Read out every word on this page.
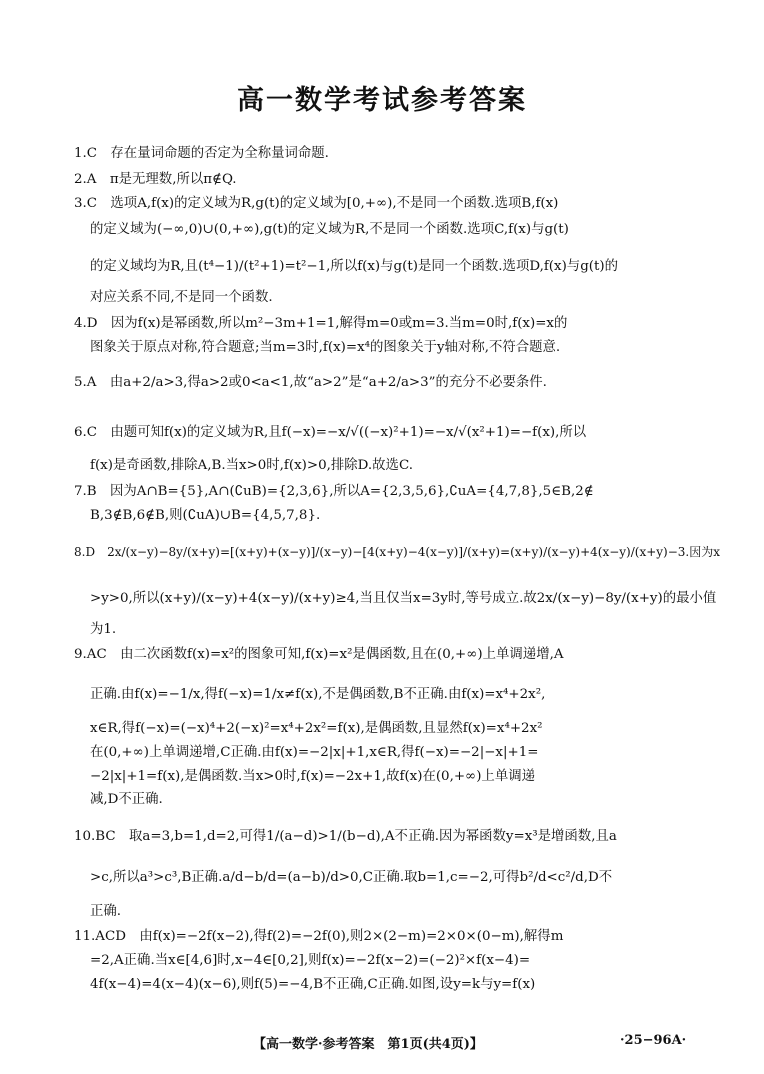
高一数学考试参考答案
1.C　存在量词命题的否定为全称量词命题.
2.A　π是无理数,所以π∉Q.
3.C　选项A,f(x)的定义域为R,g(t)的定义域为[0,+∞),不是同一个函数.选项B,f(x)
的定义域为(−∞,0)∪(0,+∞),g(t)的定义域为R,不是同一个函数.选项C,f(x)与g(t)
的定义域均为R,且(t⁴−1)/(t²+1)=t²−1,所以f(x)与g(t)是同一个函数.选项D,f(x)与g(t)的
对应关系不同,不是同一个函数.
4.D　因为f(x)是幂函数,所以m²−3m+1=1,解得m=0或m=3.当m=0时,f(x)=x的
图象关于原点对称,符合题意;当m=3时,f(x)=x⁴的图象关于y轴对称,不符合题意.
5.A　由a+2/a>3,得a>2或0<a<1,故“a>2”是“a+2/a>3”的充分不必要条件.
6.C　由题可知f(x)的定义域为R,且f(−x)=−x/√((−x)²+1)=−x/√(x²+1)=−f(x),所以
f(x)是奇函数,排除A,B.当x>0时,f(x)>0,排除D.故选C.
7.B　因为A∩B={5},A∩(∁uB)={2,3,6},所以A={2,3,5,6},∁uA={4,7,8},5∈B,2∉
B,3∉B,6∉B,则(∁uA)∪B={4,5,7,8}.
8.D　2x/(x−y)−8y/(x+y)=[(x+y)+(x−y)]/(x−y)−[4(x+y)−4(x−y)]/(x+y)=(x+y)/(x−y)+4(x−y)/(x+y)−3.因为x
>y>0,所以(x+y)/(x−y)+4(x−y)/(x+y)≥4,当且仅当x=3y时,等号成立.故2x/(x−y)−8y/(x+y)的最小值
为1.
9.AC　由二次函数f(x)=x²的图象可知,f(x)=x²是偶函数,且在(0,+∞)上单调递增,A
正确.由f(x)=−1/x,得f(−x)=1/x≠f(x),不是偶函数,B不正确.由f(x)=x⁴+2x²,
x∈R,得f(−x)=(−x)⁴+2(−x)²=x⁴+2x²=f(x),是偶函数,且显然f(x)=x⁴+2x²
在(0,+∞)上单调递增,C正确.由f(x)=−2|x|+1,x∈R,得f(−x)=−2|−x|+1=
−2|x|+1=f(x),是偶函数.当x>0时,f(x)=−2x+1,故f(x)在(0,+∞)上单调递
减,D不正确.
10.BC　取a=3,b=1,d=2,可得1/(a−d)>1/(b−d),A不正确.因为幂函数y=x³是增函数,且a
>c,所以a³>c³,B正确.a/d−b/d=(a−b)/d>0,C正确.取b=1,c=−2,可得b²/d<c²/d,D不
正确.
11.ACD　由f(x)=−2f(x−2),得f(2)=−2f(0),则2×(2−m)=2×0×(0−m),解得m
=2,A正确.当x∈[4,6]时,x−4∈[0,2],则f(x)=−2f(x−2)=(−2)²×f(x−4)=
4f(x−4)=4(x−4)(x−6),则f(5)=−4,B不正确,C正确.如图,设y=k与y=f(x)
【高一数学·参考答案　第1页(共4页)】	·25−96A·
